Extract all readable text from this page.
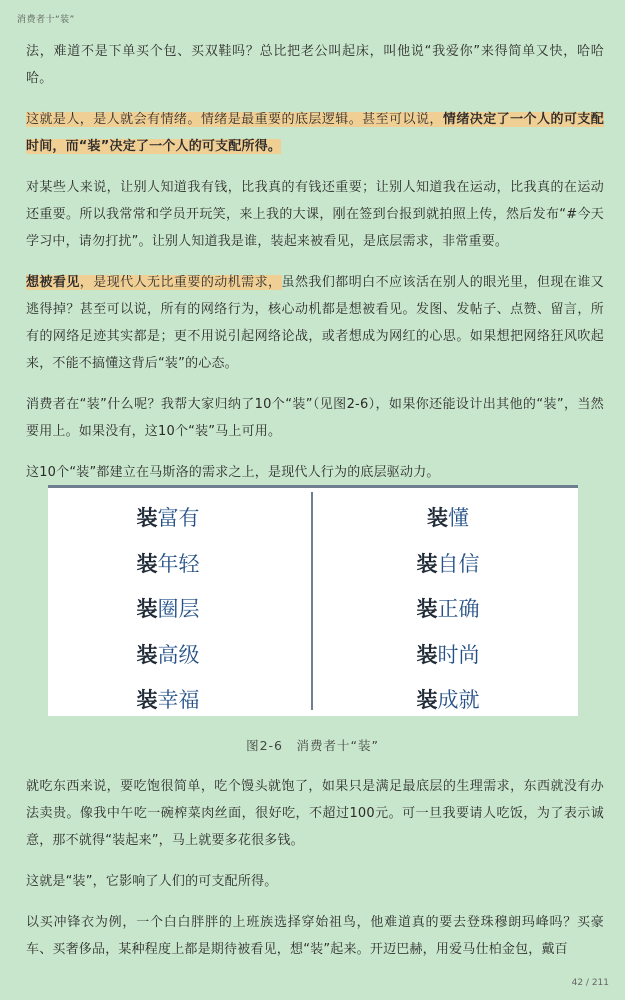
消费者十“装”

法，难道不是下单买个包、买双鞋吗？总比把老公叫起床，叫他说“我爱你”来得简单又快，哈哈哈。

这就是人，是人就会有情绪。情绪是最重要的底层逻辑。甚至可以说，情绪决定了一个人的可支配时间，而“装”决定了一个人的可支配所得。

对某些人来说，让别人知道我有钱，比我真的有钱还重要；让别人知道我在运动，比我真的在运动还重要。所以我常常和学员开玩笑，来上我的大课，刚在签到台报到就拍照上传，然后发布“#今天学习中，请勿打扰”。让别人知道我是谁，装起来被看见，是底层需求，非常重要。

想被看见，是现代人无比重要的动机需求，虽然我们都明白不应该活在别人的眼光里，但现在谁又逃得掉？甚至可以说，所有的网络行为，核心动机都是想被看见。发图、发帖子、点赞、留言，所有的网络足迹其实都是；更不用说引起网络论战，或者想成为网红的心思。如果想把网络狂风吹起来，不能不搞懂这背后“装”的心态。

消费者在“装”什么呢？我帮大家归纳了10个“装”（见图2-6），如果你还能设计出其他的“装”，当然要用上。如果没有，这10个“装”马上可用。

这10个“装”都建立在马斯洛的需求之上，是现代人行为的底层驱动力。

装富有
装年轻
装圈层
装高级
装幸福
装懂
装自信
装正确
装时尚
装成就
图2-6　消费者十“装”

就吃东西来说，要吃饱很简单，吃个馒头就饱了，如果只是满足最底层的生理需求，东西就没有办法卖贵。像我中午吃一碗榨菜肉丝面，很好吃，不超过100元。可一旦我要请人吃饭，为了表示诚意，那不就得“装起来”，马上就要多花很多钱。

这就是“装”，它影响了人们的可支配所得。

以买冲锋衣为例，一个白白胖胖的上班族选择穿始祖鸟，他难道真的要去登珠穆朗玛峰吗？买豪车、买奢侈品，某种程度上都是期待被看见，想“装”起来。开迈巴赫，用爱马仕柏金包，戴百

42 / 211
